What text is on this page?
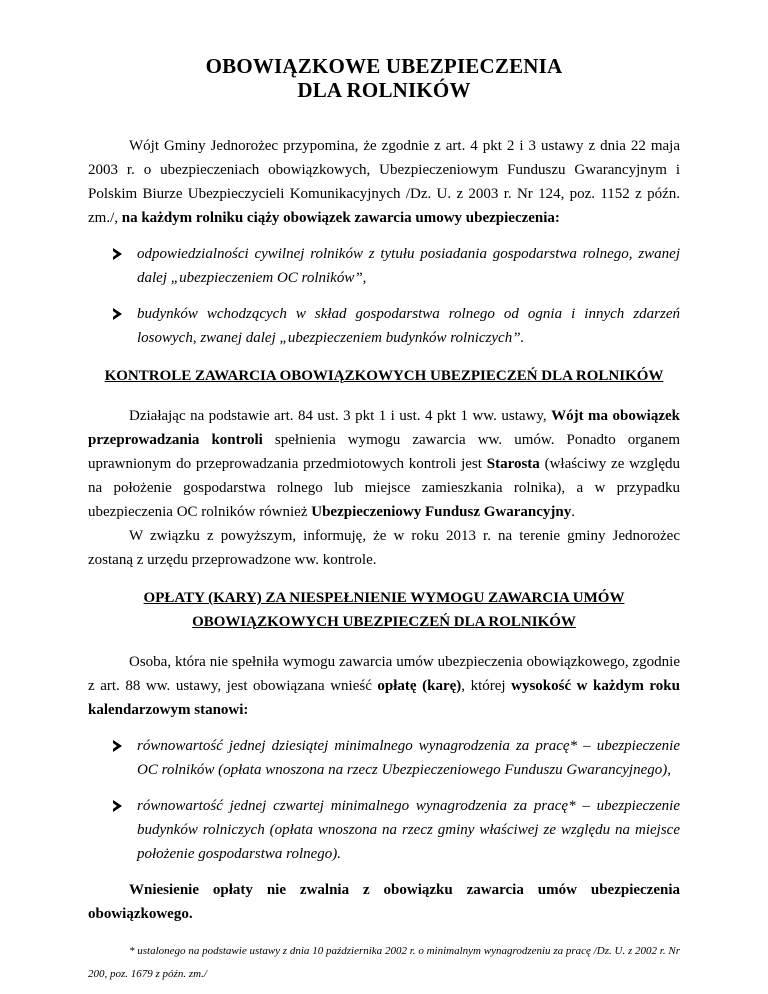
OBOWIĄZKOWE UBEZPIECZENIA
DLA ROLNIKÓW

Wójt Gminy Jednorożec przypomina, że zgodnie z art. 4 pkt 2 i 3 ustawy z dnia 22 maja 2003 r. o ubezpieczeniach obowiązkowych, Ubezpieczeniowym Funduszu Gwarancyjnym i Polskim Biurze Ubezpieczycieli Komunikacyjnych /Dz. U. z 2003 r. Nr 124, poz. 1152 z późn. zm./, na każdym rolniku ciąży obowiązek zawarcia umowy ubezpieczenia:

odpowiedzialności cywilnej rolników z tytułu posiadania gospodarstwa rolnego, zwanej dalej „ubezpieczeniem OC rolników”,
budynków wchodzących w skład gospodarstwa rolnego od ognia i innych zdarzeń losowych, zwanej dalej „ubezpieczeniem budynków rolniczych”.

KONTROLE ZAWARCIA OBOWIĄZKOWYCH UBEZPIECZEŃ DLA ROLNIKÓW

Działając na podstawie art. 84 ust. 3 pkt 1 i ust. 4 pkt 1 ww. ustawy, Wójt ma obowiązek przeprowadzania kontroli spełnienia wymogu zawarcia ww. umów. Ponadto organem uprawnionym do przeprowadzania przedmiotowych kontroli jest Starosta (właściwy ze względu na położenie gospodarstwa rolnego lub miejsce zamieszkania rolnika), a w przypadku ubezpieczenia OC rolników również Ubezpieczeniowy Fundusz Gwarancyjny.

W związku z powyższym, informuję, że w roku 2013 r. na terenie gminy Jednorożec zostaną z urzędu przeprowadzone ww. kontrole.

OPŁATY (KARY) ZA NIESPEŁNIENIE WYMOGU ZAWARCIA UMÓW

OBOWIĄZKOWYCH UBEZPIECZEŃ DLA ROLNIKÓW

Osoba, która nie spełniła wymogu zawarcia umów ubezpieczenia obowiązkowego, zgodnie z art. 88 ww. ustawy, jest obowiązana wnieść opłatę (karę), której wysokość w każdym roku kalendarzowym stanowi:

równowartość jednej dziesiątej minimalnego wynagrodzenia za pracę* – ubezpieczenie OC rolników (opłata wnoszona na rzecz Ubezpieczeniowego Funduszu Gwarancyjnego),
równowartość jednej czwartej minimalnego wynagrodzenia za pracę* – ubezpieczenie budynków rolniczych (opłata wnoszona na rzecz gminy właściwej ze względu na miejsce położenie gospodarstwa rolnego).

Wniesienie opłaty nie zwalnia z obowiązku zawarcia umów ubezpieczenia obowiązkowego.

* ustalonego na podstawie ustawy z dnia 10 października 2002 r. o minimalnym wynagrodzeniu za pracę /Dz. U. z 2002 r. Nr 200, poz. 1679 z późn. zm./
